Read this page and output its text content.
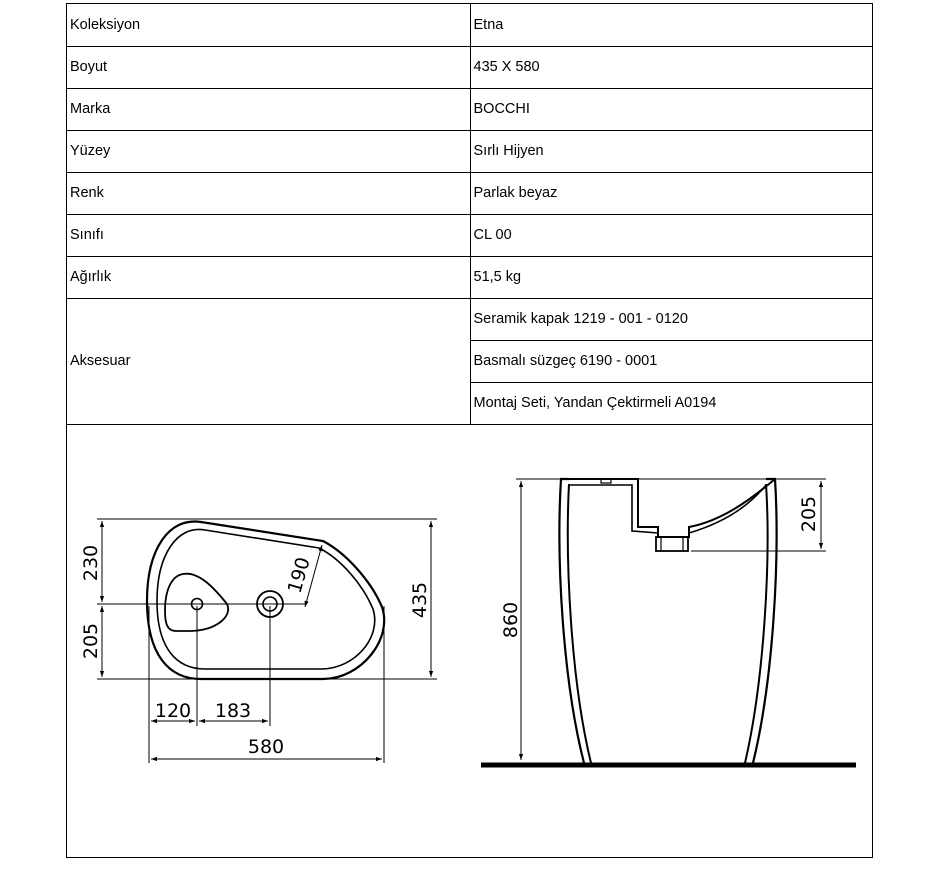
Koleksiyon	Etna
Boyut	435 X 580
Marka	BOCCHI
Yüzey	Sırlı Hijyen
Renk	Parlak beyaz
Sınıfı	CL 00
Ağırlık	51,5 kg
Aksesuar	Seramik kapak 1219 - 001 - 0120
	Basmalı süzgeç 6190 - 0001
	Montaj Seti, Yandan Çektirmeli A0194
230
205
435
190
120 183
580
860
205
